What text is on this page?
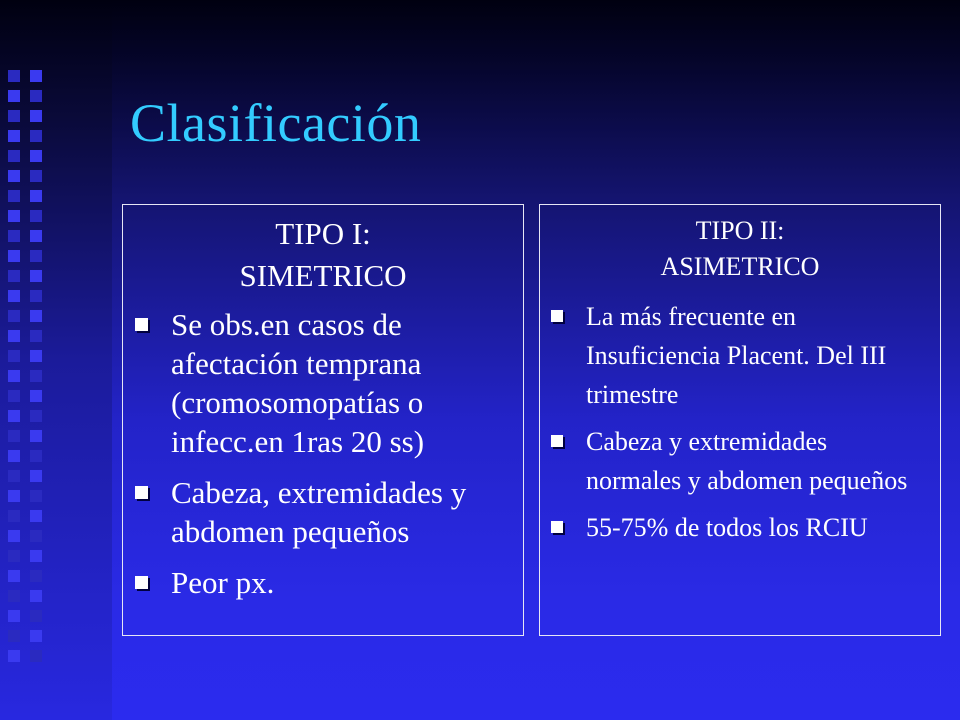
Clasificación
TIPO I:
SIMETRICO
Se obs.en casos de afectación temprana (cromosomopatías o infecc.en 1ras 20 ss)
Cabeza, extremidades y abdomen pequeños
Peor px.
TIPO II:
ASIMETRICO
La más frecuente en Insuficiencia Placent. Del III trimestre
Cabeza y extremidades normales y abdomen pequeños
55-75% de todos los RCIU
